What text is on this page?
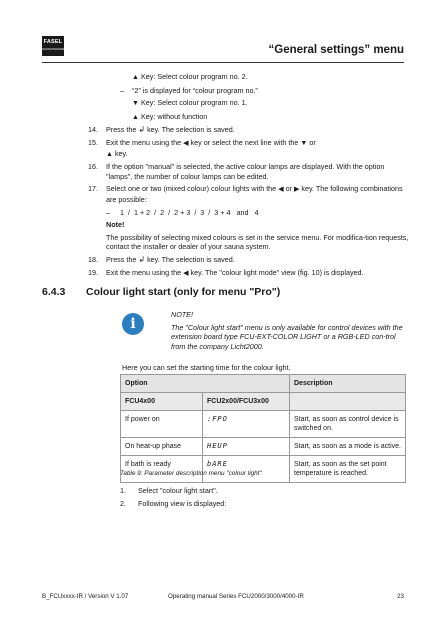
FASEL
SAUNATECHNIK	“General settings” menu
▲ Key: Select colour program no. 2.
– “2” is displayed for “colour program no.”
▼ Key: Select colour program no. 1.
▲ Key: without function
14. Press the ↲ key. The selection is saved.
15. Exit the menu using the ◀ key or select the next line with the ▼ or
▲ key.
16. If the option "manual" is selected, the active colour lamps are displayed. With the option "lamps", the number of colour lamps can be edited.
17. Select one or two (mixed colour) colour lights with the ◀ or ▶ key. The following combinations are possible:
– 1  /  1 + 2  /  2  /  2 + 3  /  3  /  3 + 4   and   4
Note!
The possibility of selecting mixed colours is set in the service menu. For modifica-tion requests, contact the installer or dealer of your sauna system.
18. Press the ↲ key. The selection is saved.
19. Exit the menu using the ◀ key. The "colour light mode" view (fig. 10) is displayed.
6.4.3 Colour light start (only for menu "Pro")
i
NOTE!
The "Colour light start" menu is only available for control devices with the extension board type FCU-EXT-COLOR LIGHT or a RGB-LED con-trol from the company Licht2000.
Here you can set the starting time for the colour light.
Option		Description
FCU4x00	FCU2x00/FCU3x00	
If power on	:FPO	Start, as soon as control device is switched on.
On heat-up phase	HEUP	Start, as soon as a mode is active.
If bath is ready	bARE	Start, as soon as the set point temperature is reached.
Table 9: Parameter description menu "colour light"
1. Select "colour light start".
2. Following view is displayed:
B_FCUxxxx-IR / Version V 1.07	Operating manual Series FCU2000/3000/4000-IR	23
